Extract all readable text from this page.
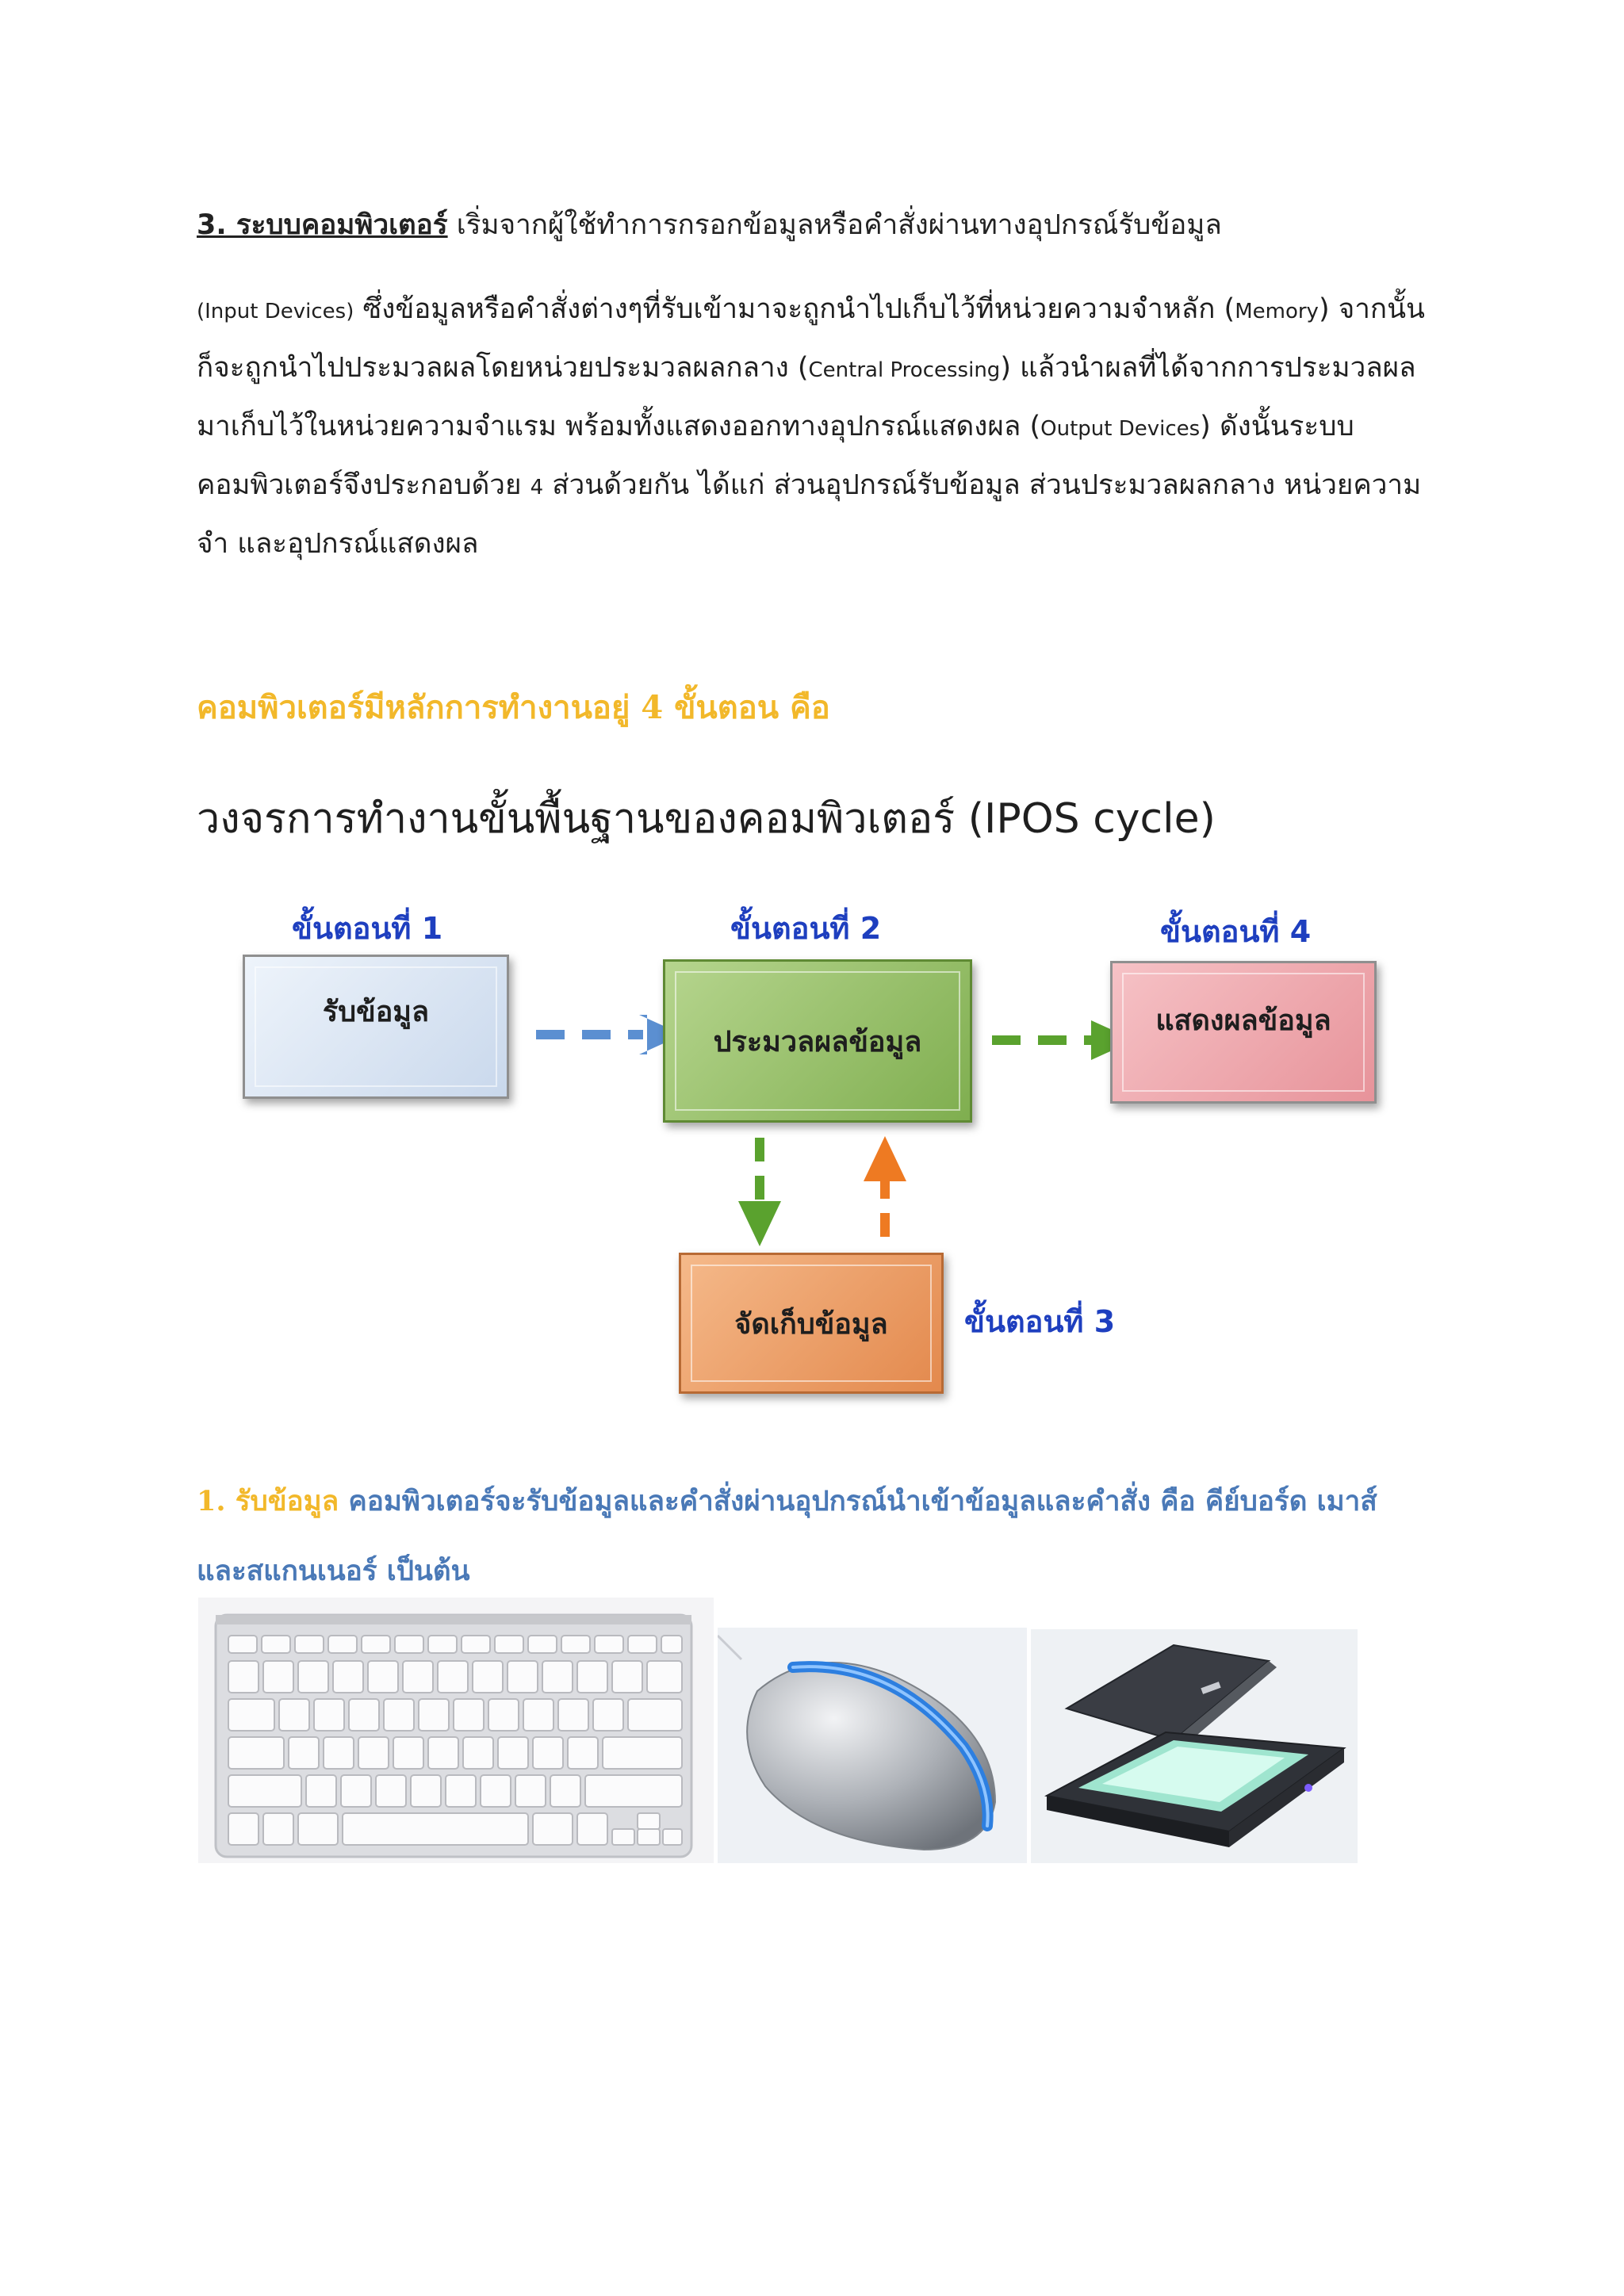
3. ระบบคอมพิวเตอร์ เริ่มจากผู้ใช้ทำการกรอกข้อมูลหรือคำสั่งผ่านทางอุปกรณ์รับข้อมูล
(Input Devices) ซึ่งข้อมูลหรือคำสั่งต่างๆที่รับเข้ามาจะถูกนำไปเก็บไว้ที่หน่วยความจำหลัก (Memory) จากนั้นก็จะถูกนำไปประมวลผลโดยหน่วยประมวลผลกลาง (Central Processing) แล้วนำผลที่ได้จากการประมวลผลมาเก็บไว้ในหน่วยความจำแรม พร้อมทั้งแสดงออกทางอุปกรณ์แสดงผล (Output Devices) ดังนั้นระบบคอมพิวเตอร์จึงประกอบด้วย 4 ส่วนด้วยกัน ได้แก่ ส่วนอุปกรณ์รับข้อมูล ส่วนประมวลผลกลาง หน่วยความจำ และอุปกรณ์แสดงผล
คอมพิวเตอร์มีหลักการทำงานอยู่ 4 ขั้นตอน คือ
วงจรการทำงานขั้นพื้นฐานของคอมพิวเตอร์ (IPOS cycle)
ขั้นตอนที่ 1	ขั้นตอนที่ 2	ขั้นตอนที่ 4
ขั้นตอนที่ 3
รับข้อมูล
ประมวลผลข้อมูล
แสดงผลข้อมูล
จัดเก็บข้อมูล
1. รับข้อมูล คอมพิวเตอร์จะรับข้อมูลและคำสั่งผ่านอุปกรณ์นำเข้าข้อมูลและคำสั่ง คือ คีย์บอร์ด เมาส์ และสแกนเนอร์ เป็นต้น
